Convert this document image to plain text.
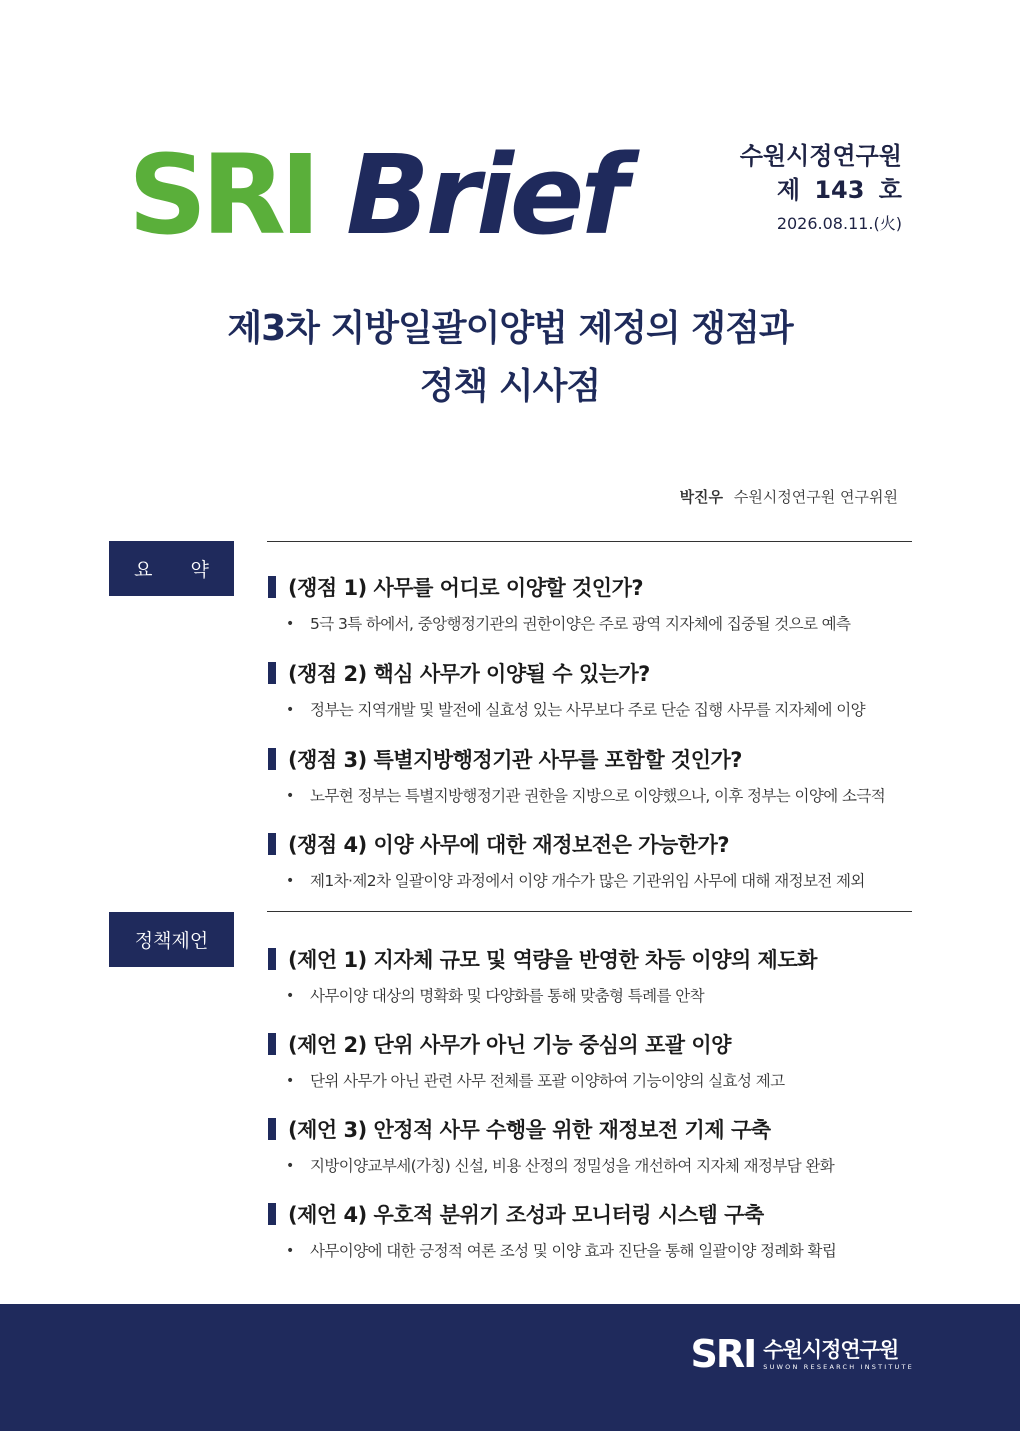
SRI Brief	수원시정연구원
제 143 호
2026.08.11.(火)
제3차 지방일괄이양법 제정의 쟁점과
정책 시사점
박진우 수원시정연구원 연구위원
요약
(쟁점 1) 사무를 어디로 이양할 것인가?
•	5극 3특 하에서, 중앙행정기관의 권한이양은 주로 광역 지자체에 집중될 것으로 예측
(쟁점 2) 핵심 사무가 이양될 수 있는가?
•	정부는 지역개발 및 발전에 실효성 있는 사무보다 주로 단순 집행 사무를 지자체에 이양
(쟁점 3) 특별지방행정기관 사무를 포함할 것인가?
•	노무현 정부는 특별지방행정기관 권한을 지방으로 이양했으나, 이후 정부는 이양에 소극적
(쟁점 4) 이양 사무에 대한 재정보전은 가능한가?
•	제1차·제2차 일괄이양 과정에서 이양 개수가 많은 기관위임 사무에 대해 재정보전 제외
정책제언
(제언 1) 지자체 규모 및 역량을 반영한 차등 이양의 제도화
•	사무이양 대상의 명확화 및 다양화를 통해 맞춤형 특례를 안착
(제언 2) 단위 사무가 아닌 기능 중심의 포괄 이양
•	단위 사무가 아닌 관련 사무 전체를 포괄 이양하여 기능이양의 실효성 제고
(제언 3) 안정적 사무 수행을 위한 재정보전 기제 구축
•	지방이양교부세(가칭) 신설, 비용 산정의 정밀성을 개선하여 지자체 재정부담 완화
(제언 4) 우호적 분위기 조성과 모니터링 시스템 구축
•	사무이양에 대한 긍정적 여론 조성 및 이양 효과 진단을 통해 일괄이양 정례화 확립
SRI 수원시정연구원
SUWON RESEARCH INSTITUTE
